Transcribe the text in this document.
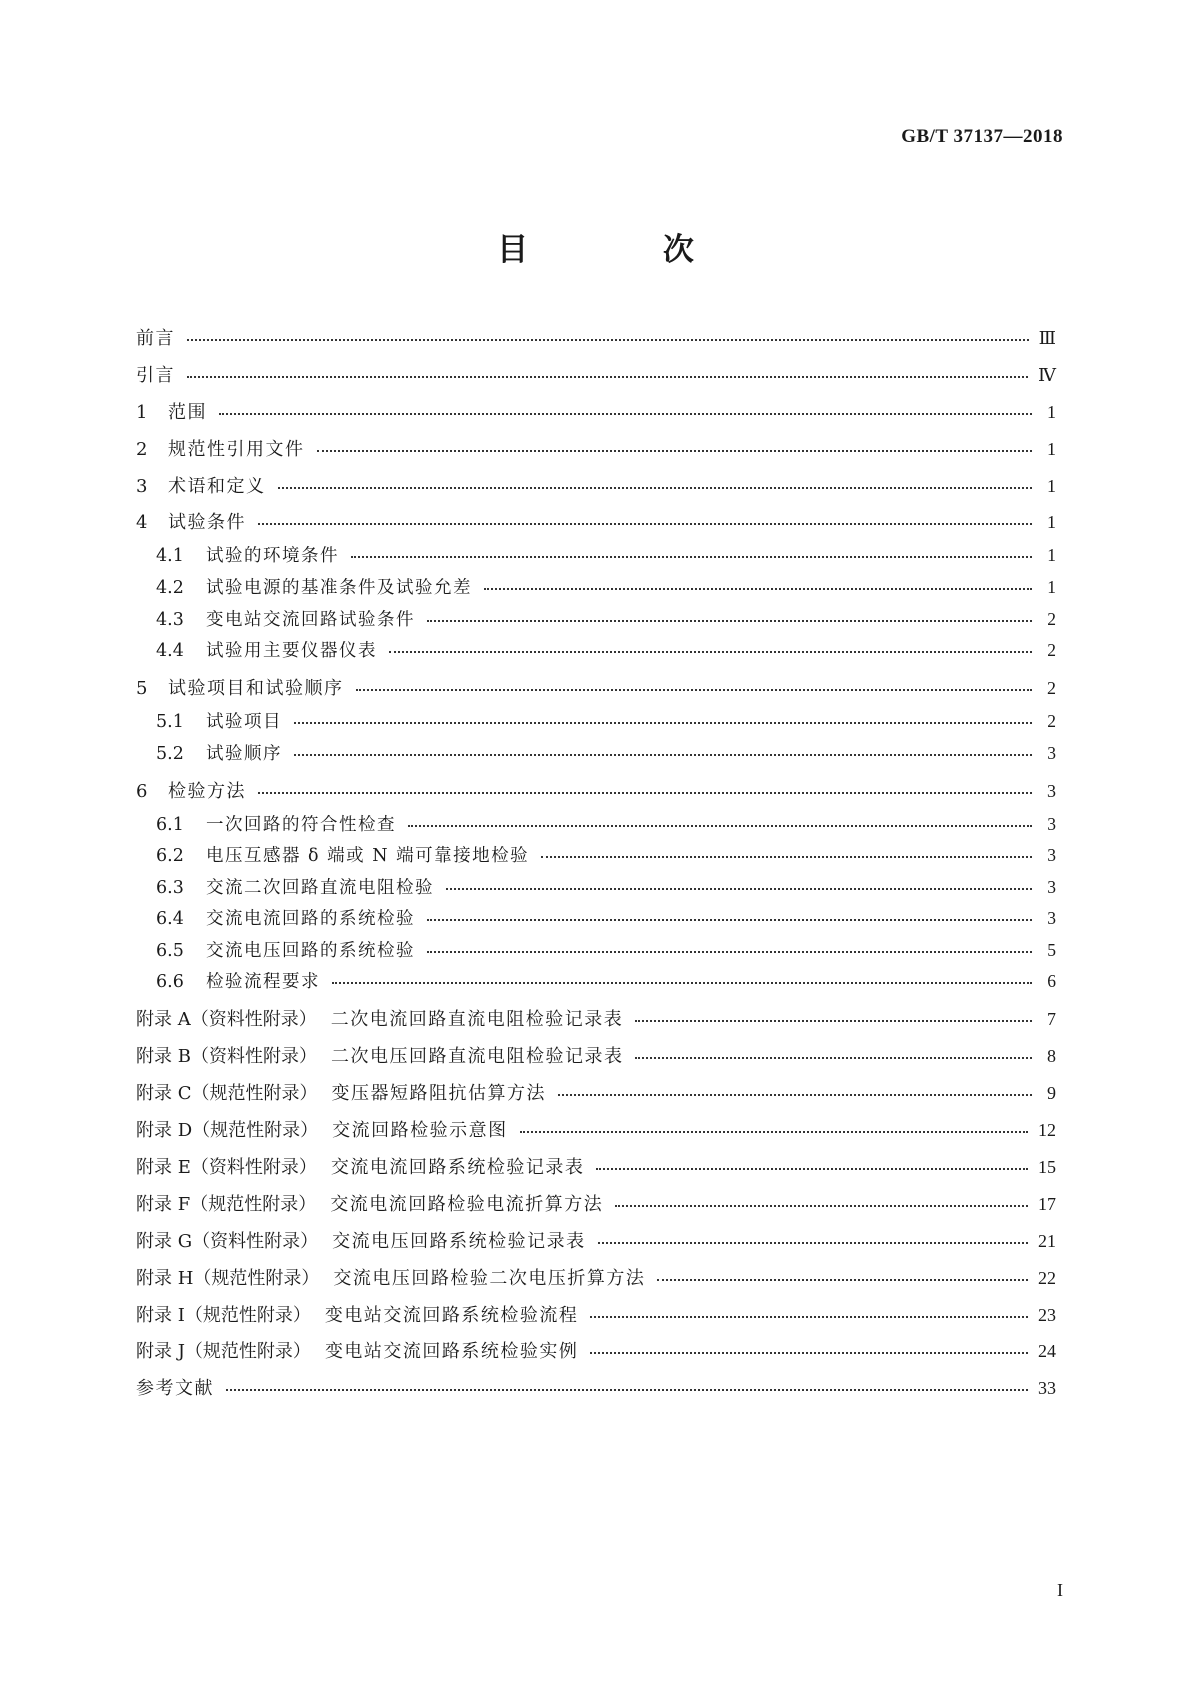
GB/T 37137—2018
目 次
前言	Ⅲ
引言	Ⅳ
1	范围	1
2	规范性引用文件	1
3	术语和定义	1
4	试验条件	1
4.1	试验的环境条件	1
4.2	试验电源的基准条件及试验允差	1
4.3	变电站交流回路试验条件	2
4.4	试验用主要仪器仪表	2
5	试验项目和试验顺序	2
5.1	试验项目	2
5.2	试验顺序	3
6	检验方法	3
6.1	一次回路的符合性检查	3
6.2	电压互感器 δ 端或 N 端可靠接地检验	3
6.3	交流二次回路直流电阻检验	3
6.4	交流电流回路的系统检验	3
6.5	交流电压回路的系统检验	5
6.6	检验流程要求	6
附录 A（资料性附录） 二次电流回路直流电阻检验记录表	7
附录 B（资料性附录） 二次电压回路直流电阻检验记录表	8
附录 C（规范性附录） 变压器短路阻抗估算方法	9
附录 D（规范性附录） 交流回路检验示意图	12
附录 E（资料性附录） 交流电流回路系统检验记录表	15
附录 F（规范性附录） 交流电流回路检验电流折算方法	17
附录 G（资料性附录） 交流电压回路系统检验记录表	21
附录 H（规范性附录） 交流电压回路检验二次电压折算方法	22
附录 I（规范性附录） 变电站交流回路系统检验流程	23
附录 J（规范性附录） 变电站交流回路系统检验实例	24
参考文献	33
I
